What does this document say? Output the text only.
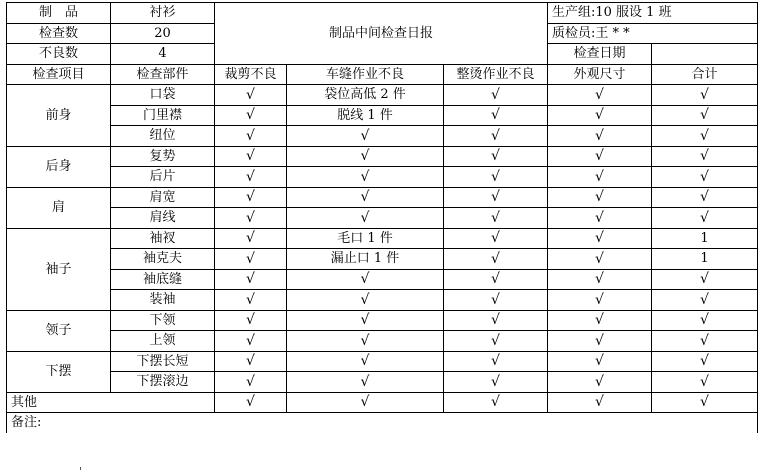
制　品	衬衫	制品中间检查日报			生产组:10 服设 1 班	
检查数	20				质检员:王 * *	
不良数	4				检查日期	
检查项目	检查部件	裁剪不良	车缝作业不良	整烫作业不良	外观尺寸	合计
前身	口袋	√	袋位高低 2 件	√	√	√
	门里襟	√	脱线 1 件	√	√	√
	纽位	√	√	√	√	√
后身	复势	√	√	√	√	√
	后片	√	√	√	√	√
肩	肩宽	√	√	√	√	√
	肩线	√	√	√	√	√
袖子	袖衩	√	毛口 1 件	√	√	1
	袖克夫	√	漏止口 1 件	√	√	1
	袖底缝	√	√	√	√	√
	装袖	√	√	√	√	√
领子	下领	√	√	√	√	√
	上领	√	√	√	√	√
下摆	下摆长短	√	√	√	√	√
	下摆滚边	√	√	√	√	√
其他		√	√	√	√	√
备注:						
